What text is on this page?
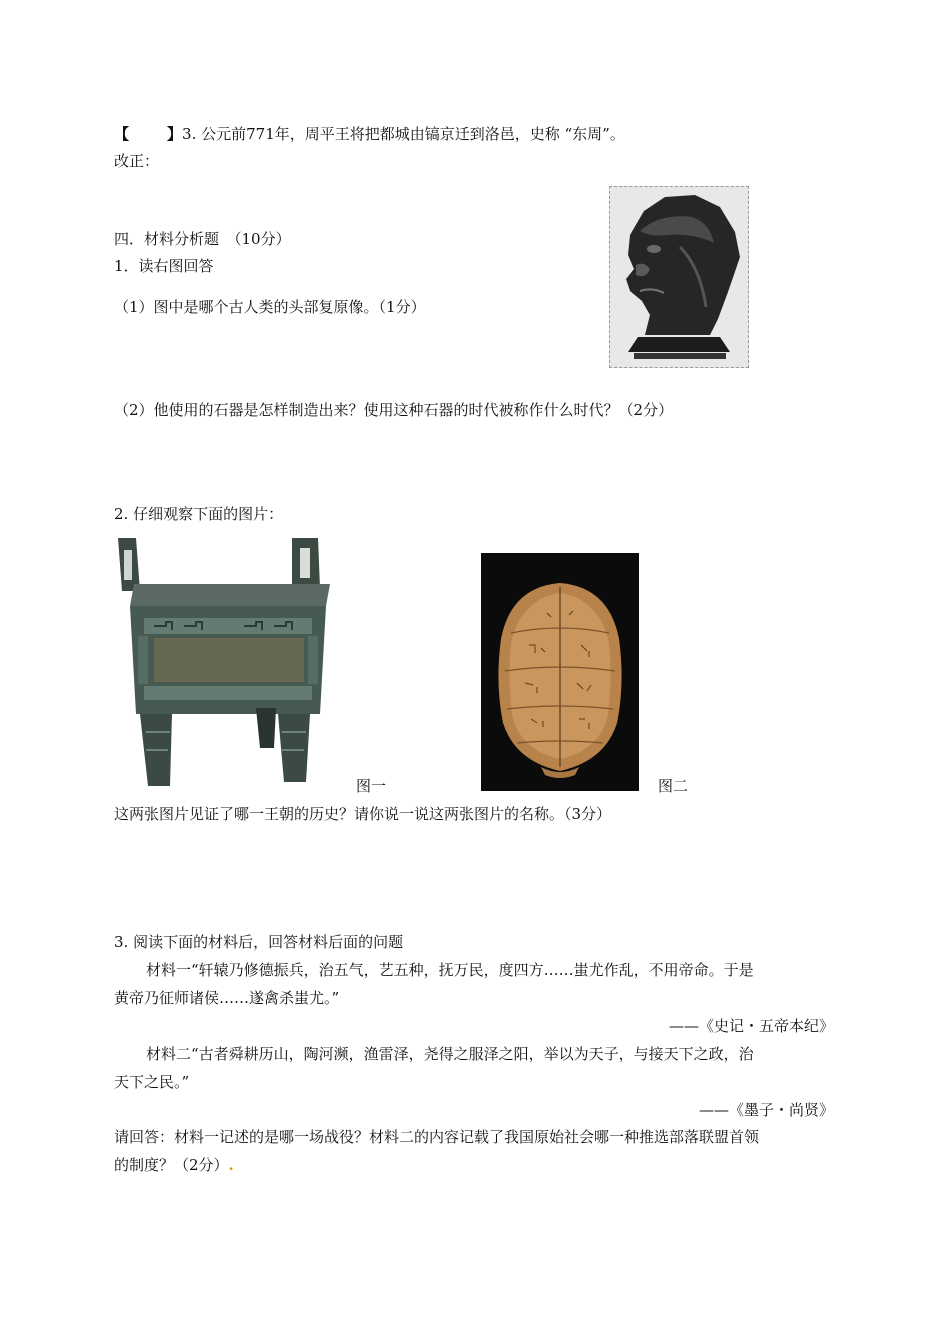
【	】3. 公元前771年，周平王将把都城由镐京迁到洛邑，史称 “东周”。
改正：
四．材料分析题　（10分）
1．读右图回答
（1）图中是哪个古人类的头部复原像。（1分）
（2）他使用的石器是怎样制造出来？使用这种石器的时代被称作什么时代？（2分）
2. 仔细观察下面的图片：
图一	图二
这两张图片见证了哪一王朝的历史？请你说一说这两张图片的名称。（3分）
3. 阅读下面的材料后，回答材料后面的问题
材料一“轩辕乃修德振兵，治五气，艺五种，抚万民，度四方……蚩尤作乱，不用帝命。于是
黄帝乃征师诸侯……遂禽杀蚩尤。”
——《史记・五帝本纪》
材料二“古者舜耕历山，陶河濒，渔雷泽，尧得之服泽之阳，举以为天子，与接天下之政，治
天下之民。”
——《墨子・尚贤》
请回答：材料一记述的是哪一场战役？材料二的内容记载了我国原始社会哪一种推选部落联盟首领
的制度？（2分）.
